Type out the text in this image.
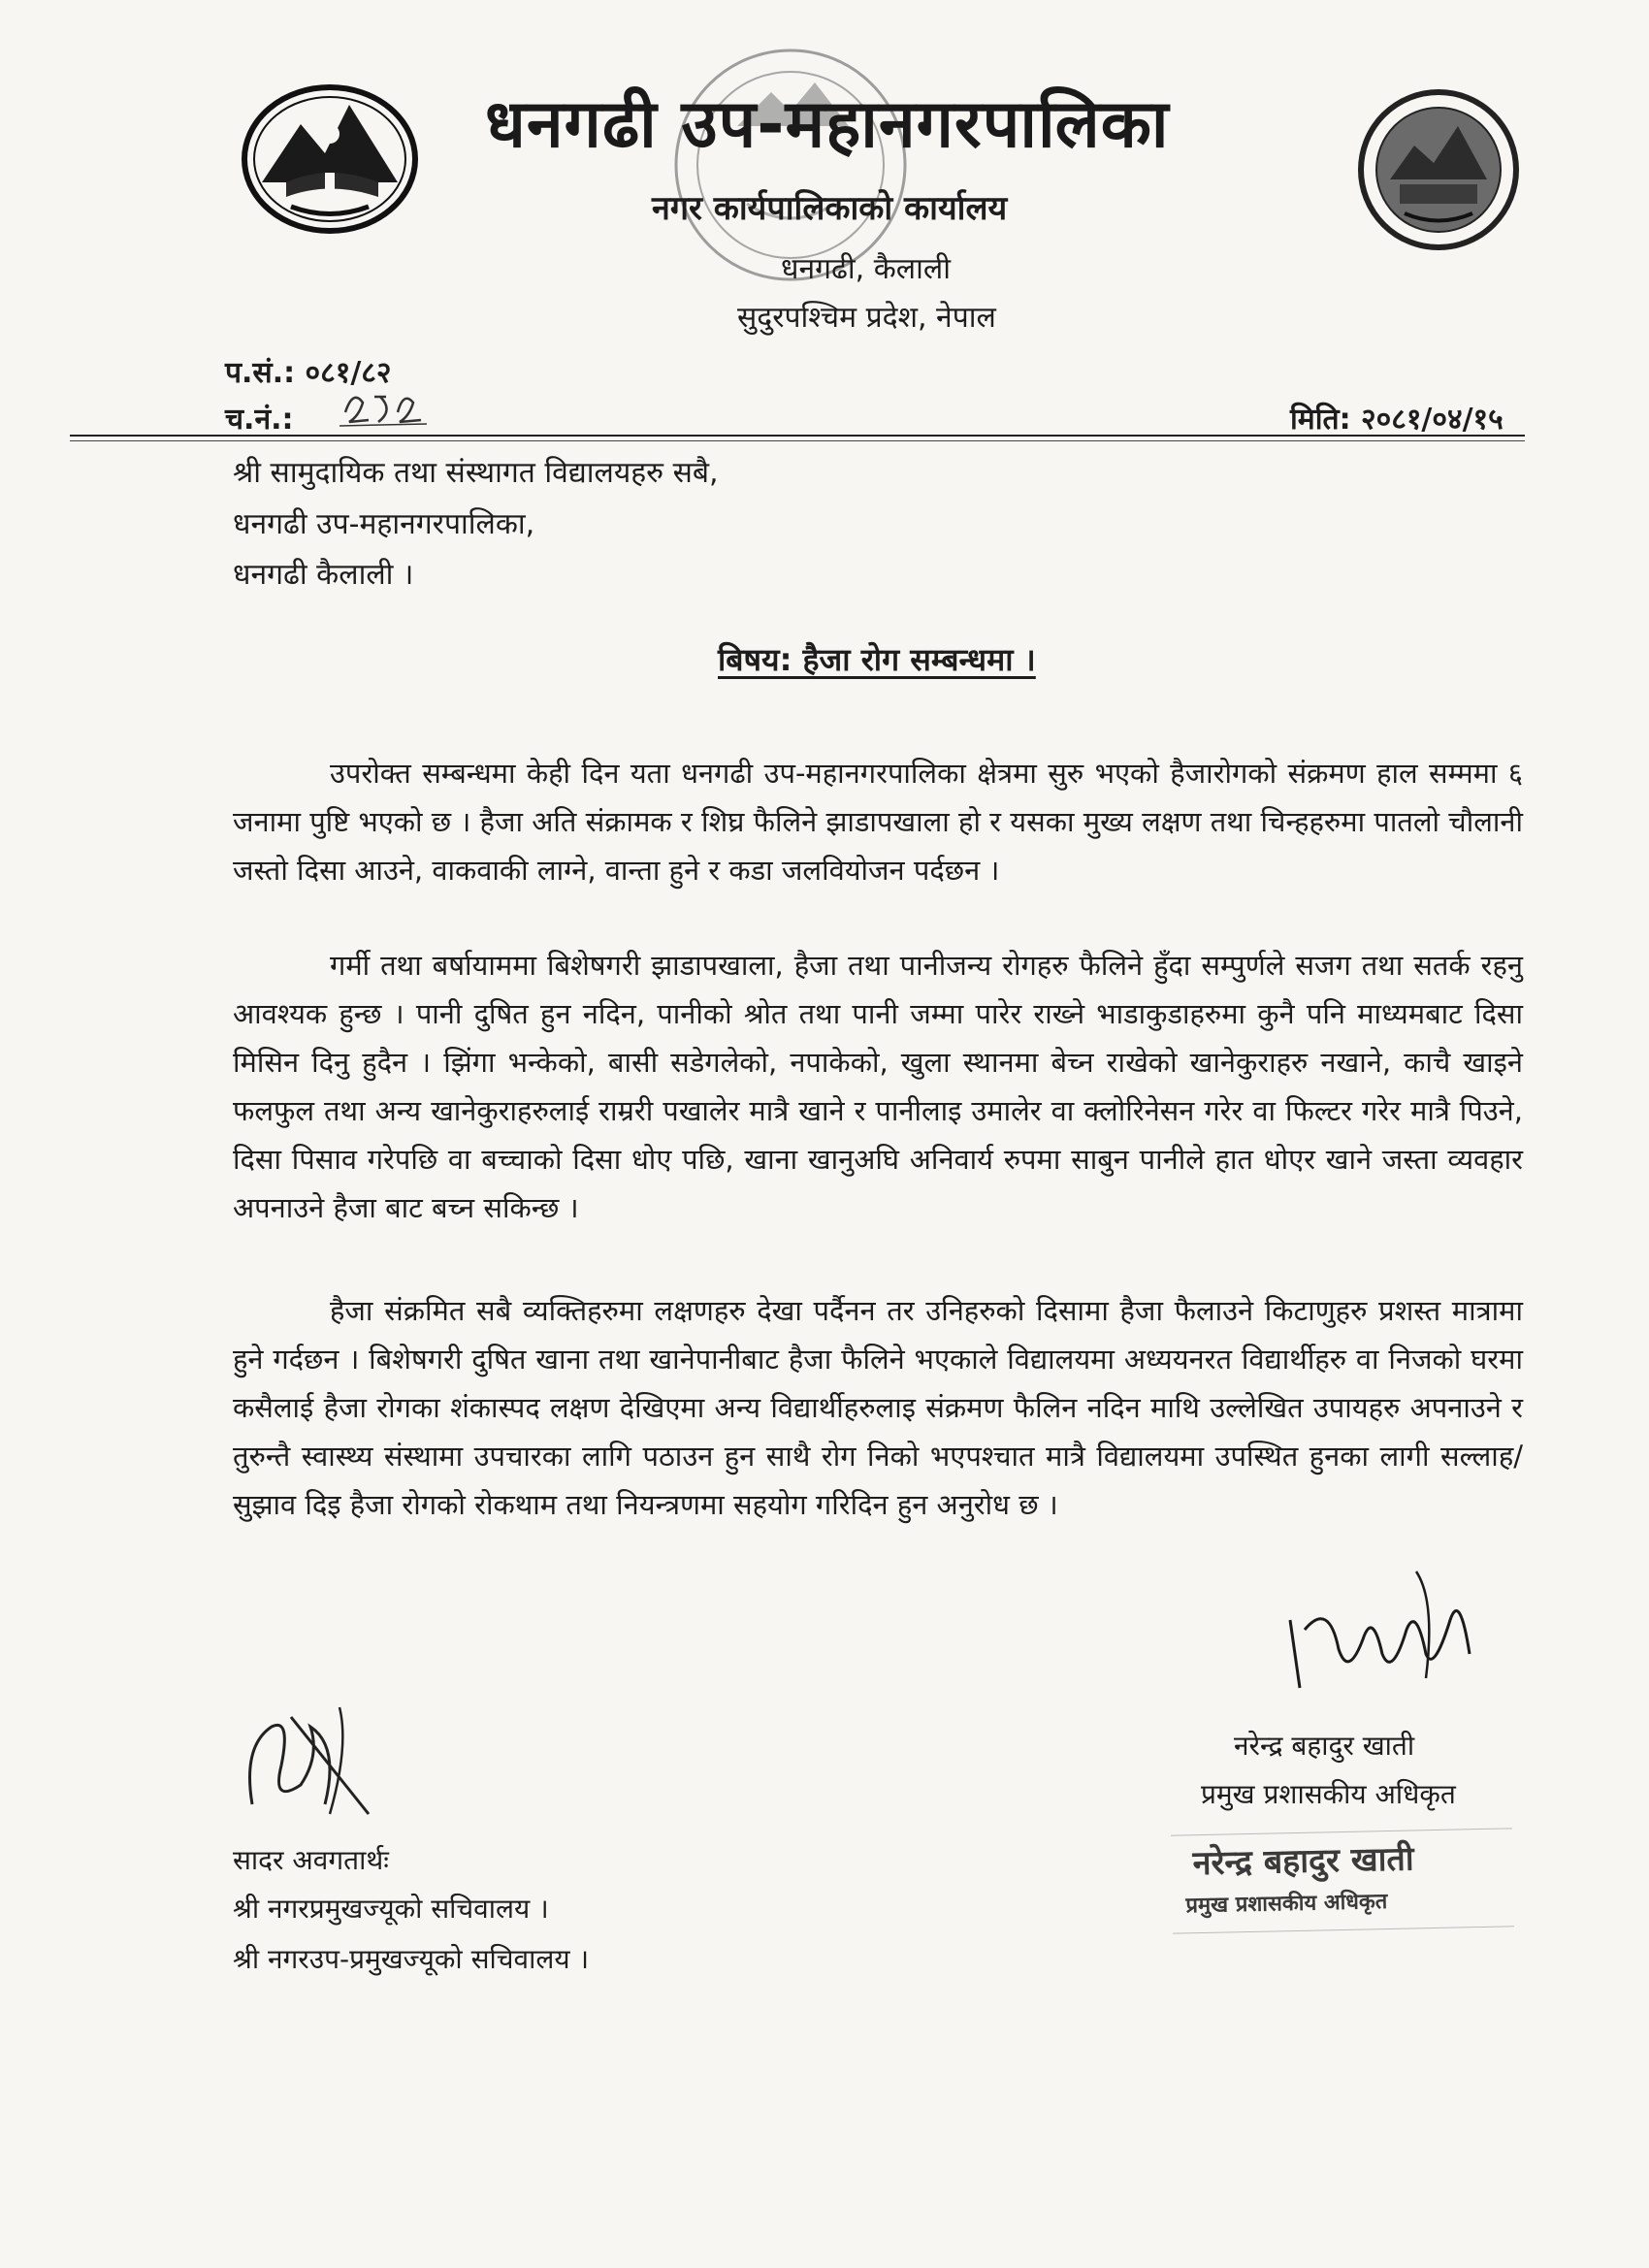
धनगढी उप-महानगरपालिका
नगर कार्यपालिकाको कार्यालय
धनगढी, कैलाली
सुदुरपश्चिम प्रदेश, नेपाल
प.सं.: ०८१/८२
च.नं.:	मिति: २०८१/०४/१५
श्री सामुदायिक तथा संस्थागत विद्यालयहरु सबै,
धनगढी उप-महानगरपालिका,
धनगढी कैलाली ।
बिषय: हैजा रोग सम्बन्धमा ।

उपरोक्त सम्बन्धमा केही दिन यता धनगढी उप-महानगरपालिका क्षेत्रमा सुरु भएको हैजारोगको संक्रमण हाल सम्ममा ६ जनामा पुष्टि भएको छ । हैजा अति संक्रामक र शिघ्र फैलिने झाडापखाला हो र यसका मुख्य लक्षण तथा चिन्हहरुमा पातलो चौलानी जस्तो दिसा आउने, वाकवाकी लाग्ने, वान्ता हुने र कडा जलवियोजन पर्दछन ।

गर्मी तथा बर्षायाममा बिशेषगरी झाडापखाला, हैजा तथा पानीजन्य रोगहरु फैलिने हुँदा सम्पुर्णले सजग तथा सतर्क रहनु आवश्यक हुन्छ । पानी दुषित हुन नदिन, पानीको श्रोत तथा पानी जम्मा पारेर राख्ने भाडाकुडाहरुमा कुनै पनि माध्यमबाट दिसा मिसिन दिनु हुदैन । झिंगा भन्केको, बासी सडेगलेको, नपाकेको, खुला स्थानमा बेच्न राखेको खानेकुराहरु नखाने, काचै खाइने फलफुल तथा अन्य खानेकुराहरुलाई राम्ररी पखालेर मात्रै खाने र पानीलाइ उमालेर वा क्लोरिनेसन गरेर वा फिल्टर गरेर मात्रै पिउने, दिसा पिसाव गरेपछि वा बच्चाको दिसा धोए पछि, खाना खानुअघि अनिवार्य रुपमा साबुन पानीले हात धोएर खाने जस्ता व्यवहार अपनाउने हैजा बाट बच्न सकिन्छ ।

हैजा संक्रमित सबै व्यक्तिहरुमा लक्षणहरु देखा पर्दैनन तर उनिहरुको दिसामा हैजा फैलाउने किटाणुहरु प्रशस्त मात्रामा हुने गर्दछन । बिशेषगरी दुषित खाना तथा खानेपानीबाट हैजा फैलिने भएकाले विद्यालयमा अध्ययनरत विद्यार्थीहरु वा निजको घरमा कसैलाई हैजा रोगका शंकास्पद लक्षण देखिएमा अन्य विद्यार्थीहरुलाइ संक्रमण फैलिन नदिन माथि उल्लेखित उपायहरु अपनाउने र तुरुन्तै स्वास्थ्य संस्थामा उपचारका लागि पठाउन हुन साथै रोग निको भएपश्चात मात्रै विद्यालयमा उपस्थित हुनका लागी सल्लाह/सुझाव दिइ हैजा रोगको रोकथाम तथा नियन्त्रणमा सहयोग गरिदिन हुन अनुरोध छ ।

नरेन्द्र बहादुर खाती
प्रमुख प्रशासकीय अधिकृत
नरेन्द्र बहादुर खाती
प्रमुख प्रशासकीय अधिकृत
सादर अवगतार्थः
श्री नगरप्रमुखज्यूको सचिवालय ।
श्री नगरउप-प्रमुखज्यूको सचिवालय ।
